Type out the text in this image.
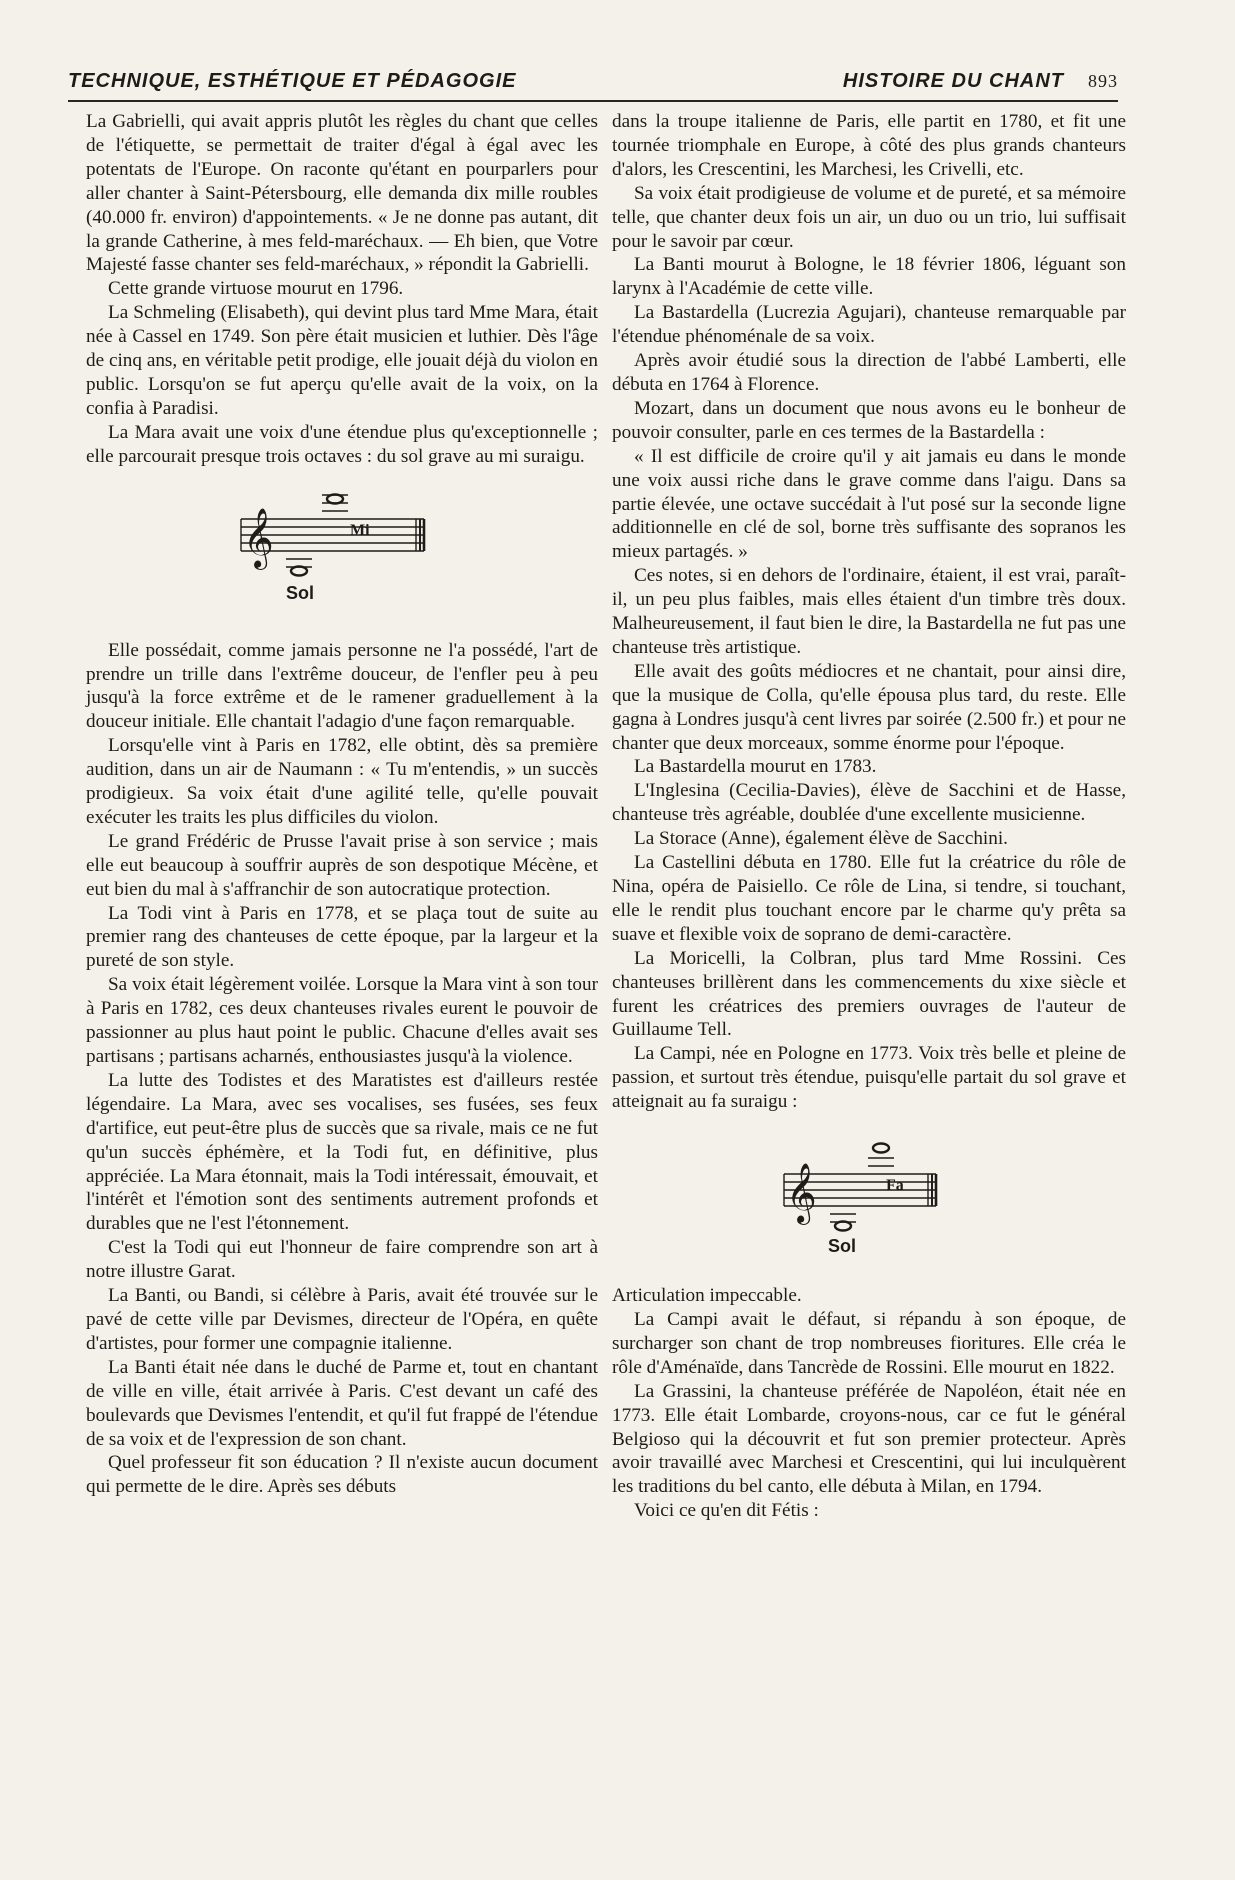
TECHNIQUE, ESTHÉTIQUE ET PÉDAGOGIE	HISTOIRE DU CHANT 893

La Gabrielli, qui avait appris plutôt les règles du chant que celles de l'étiquette, se permettait de traiter d'égal à égal avec les potentats de l'Europe. On raconte qu'étant en pourparlers pour aller chanter à Saint-Pétersbourg, elle demanda dix mille roubles (40.000 fr. environ) d'appointements. « Je ne donne pas autant, dit la grande Catherine, à mes feld-maréchaux. — Eh bien, que Votre Majesté fasse chanter ses feld-maréchaux, » répondit la Gabrielli.

Cette grande virtuose mourut en 1796.

La Schmeling (Elisabeth), qui devint plus tard Mme Mara, était née à Cassel en 1749. Son père était musicien et luthier. Dès l'âge de cinq ans, en véritable petit prodige, elle jouait déjà du violon en public. Lorsqu'on se fut aperçu qu'elle avait de la voix, on la confia à Paradisi.

La Mara avait une voix d'une étendue plus qu'exceptionnelle ; elle parcourait presque trois octaves : du sol grave au mi suraigu.

𝄞	Mi
Sol

Elle possédait, comme jamais personne ne l'a possédé, l'art de prendre un trille dans l'extrême douceur, de l'enfler peu à peu jusqu'à la force extrême et de le ramener graduellement à la douceur initiale. Elle chantait l'adagio d'une façon remarquable.

Lorsqu'elle vint à Paris en 1782, elle obtint, dès sa première audition, dans un air de Naumann : « Tu m'entendis, » un succès prodigieux. Sa voix était d'une agilité telle, qu'elle pouvait exécuter les traits les plus difficiles du violon.

Le grand Frédéric de Prusse l'avait prise à son service ; mais elle eut beaucoup à souffrir auprès de son despotique Mécène, et eut bien du mal à s'affranchir de son autocratique protection.

La Todi vint à Paris en 1778, et se plaça tout de suite au premier rang des chanteuses de cette époque, par la largeur et la pureté de son style.

Sa voix était légèrement voilée. Lorsque la Mara vint à son tour à Paris en 1782, ces deux chanteuses rivales eurent le pouvoir de passionner au plus haut point le public. Chacune d'elles avait ses partisans ; partisans acharnés, enthousiastes jusqu'à la violence.

La lutte des Todistes et des Maratistes est d'ailleurs restée légendaire. La Mara, avec ses vocalises, ses fusées, ses feux d'artifice, eut peut-être plus de succès que sa rivale, mais ce ne fut qu'un succès éphémère, et la Todi fut, en définitive, plus appréciée. La Mara étonnait, mais la Todi intéressait, émouvait, et l'intérêt et l'émotion sont des sentiments autrement profonds et durables que ne l'est l'étonnement.

C'est la Todi qui eut l'honneur de faire comprendre son art à notre illustre Garat.

La Banti, ou Bandi, si célèbre à Paris, avait été trouvée sur le pavé de cette ville par Devismes, directeur de l'Opéra, en quête d'artistes, pour former une compagnie italienne.

La Banti était née dans le duché de Parme et, tout en chantant de ville en ville, était arrivée à Paris. C'est devant un café des boulevards que Devismes l'entendit, et qu'il fut frappé de l'étendue de sa voix et de l'expression de son chant.

Quel professeur fit son éducation ? Il n'existe aucun document qui permette de le dire. Après ses débuts

dans la troupe italienne de Paris, elle partit en 1780, et fit une tournée triomphale en Europe, à côté des plus grands chanteurs d'alors, les Crescentini, les Marchesi, les Crivelli, etc.

Sa voix était prodigieuse de volume et de pureté, et sa mémoire telle, que chanter deux fois un air, un duo ou un trio, lui suffisait pour le savoir par cœur.

La Banti mourut à Bologne, le 18 février 1806, léguant son larynx à l'Académie de cette ville.

La Bastardella (Lucrezia Agujari), chanteuse remarquable par l'étendue phénoménale de sa voix.

Après avoir étudié sous la direction de l'abbé Lamberti, elle débuta en 1764 à Florence.

Mozart, dans un document que nous avons eu le bonheur de pouvoir consulter, parle en ces termes de la Bastardella :

« Il est difficile de croire qu'il y ait jamais eu dans le monde une voix aussi riche dans le grave comme dans l'aigu. Dans sa partie élevée, une octave succédait à l'ut posé sur la seconde ligne additionnelle en clé de sol, borne très suffisante des sopranos les mieux partagés. »

Ces notes, si en dehors de l'ordinaire, étaient, il est vrai, paraît-il, un peu plus faibles, mais elles étaient d'un timbre très doux. Malheureusement, il faut bien le dire, la Bastardella ne fut pas une chanteuse très artistique.

Elle avait des goûts médiocres et ne chantait, pour ainsi dire, que la musique de Colla, qu'elle épousa plus tard, du reste. Elle gagna à Londres jusqu'à cent livres par soirée (2.500 fr.) et pour ne chanter que deux morceaux, somme énorme pour l'époque.

La Bastardella mourut en 1783.

L'Inglesina (Cecilia-Davies), élève de Sacchini et de Hasse, chanteuse très agréable, doublée d'une excellente musicienne.

La Storace (Anne), également élève de Sacchini.

La Castellini débuta en 1780. Elle fut la créatrice du rôle de Nina, opéra de Paisiello. Ce rôle de Lina, si tendre, si touchant, elle le rendit plus touchant encore par le charme qu'y prêta sa suave et flexible voix de soprano de demi-caractère.

La Moricelli, la Colbran, plus tard Mme Rossini. Ces chanteuses brillèrent dans les commencements du xixe siècle et furent les créatrices des premiers ouvrages de l'auteur de Guillaume Tell.

La Campi, née en Pologne en 1773. Voix très belle et pleine de passion, et surtout très étendue, puisqu'elle partait du sol grave et atteignait au fa suraigu :

𝄞	Fa
Sol

Articulation impeccable.

La Campi avait le défaut, si répandu à son époque, de surcharger son chant de trop nombreuses fioritures. Elle créa le rôle d'Aménaïde, dans Tancrède de Rossini. Elle mourut en 1822.

La Grassini, la chanteuse préférée de Napoléon, était née en 1773. Elle était Lombarde, croyons-nous, car ce fut le général Belgioso qui la découvrit et fut son premier protecteur. Après avoir travaillé avec Marchesi et Crescentini, qui lui inculquèrent les traditions du bel canto, elle débuta à Milan, en 1794.

Voici ce qu'en dit Fétis :
